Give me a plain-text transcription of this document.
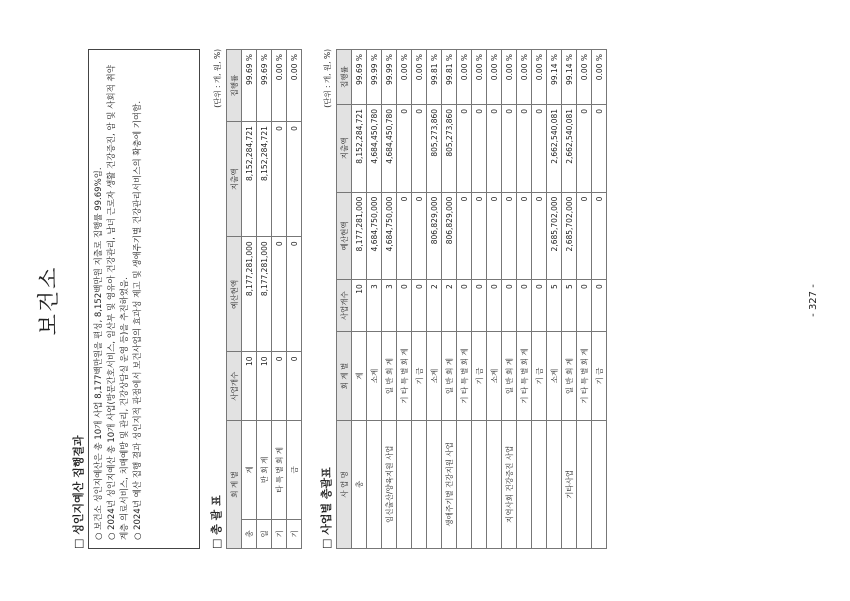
보건소
□ 성인지예산 집행결과 ○ 보건소 성인지예산은 총 10개 사업 8,177백만원을 편성, 8,152백만원 지출로 집행률 99.69%임. ○ 2024년 성인지예산 총 10개 사업(방문간호서비스, 임산부 및 영유아 건강관리, 남녀 근로자 생활 건강증진, 암 및 사회적 취약계층 의료서비스, 치매예방 및 관리, 건강상담실 운영 등)을 추진하였음. ○ 2024년 예산 집행 결과 성인지적 관점에서 보건사업의 효과성 제고 및 생애주기별 건강관리서비스의 확충에 기여함.	□ 총 괄 표
(단위 : 개, 원, %)
회 계 별		사업개수	예산현액	지출액	집행률
총	계	10	8,177,281,000	8,152,284,721	99.69 %
일	반 회 계	10	8,177,281,000	8,152,284,721	99.69 %
기	타 특 별 회 계	0	0	0	0.00 %
기	금	0	0	0	0.00 %
□ 사업별 총괄표
(단위 : 개, 원, %)
사 업 명	회 계 별	사업개수	예산현액	지출액	집행률
총	계	10	8,177,281,000	8,152,284,721	99.69 %
	소계	3	4,684,750,000	4,684,450,780	99.99 %
임신출산/양육지원 사업	일 반 회 계	3	4,684,750,000	4,684,450,780	99.99 %
	기 타 특 별 회 계	0	0	0	0.00 %
	기 금	0	0	0	0.00 %
	소계	2	806,829,000	805,273,860	99.81 %
생애주기별 건강지원 사업	일 반 회 계	2	806,829,000	805,273,860	99.81 %
	기 타 특 별 회 계	0	0	0	0.00 %
	기 금	0	0	0	0.00 %
	소계	0	0	0	0.00 %
지역사회 건강증진 사업	일 반 회 계	0	0	0	0.00 %
	기 타 특 별 회 계	0	0	0	0.00 %
	기 금	0	0	0	0.00 %
	소계	5	2,685,702,000	2,662,540,081	99.14 %
기타사업	일 반 회 계	5	2,685,702,000	2,662,540,081	99.14 %
	기 타 특 별 회 계	0	0	0	0.00 %
	기 금	0	0	0	0.00 %
- 327 -
